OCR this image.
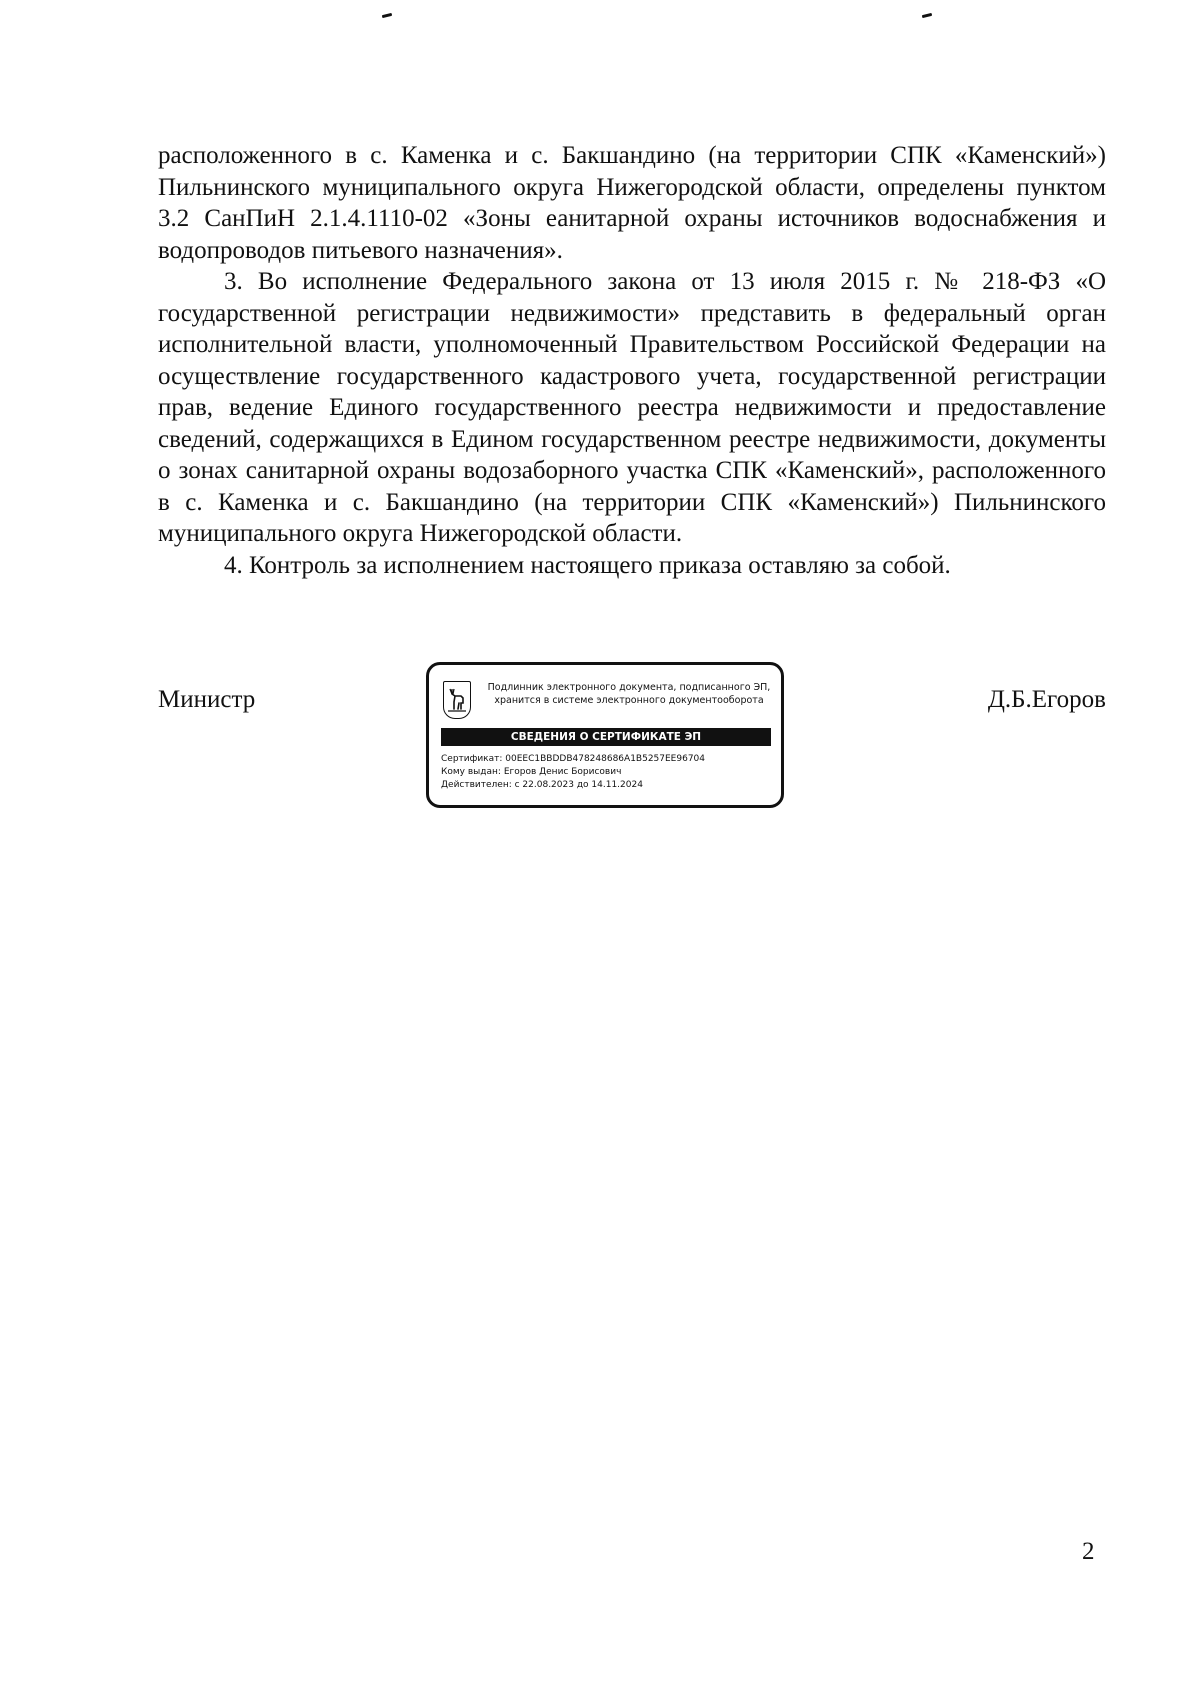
расположенного в с. Каменка и с. Бакшандино (на территории СПК «Каменский») Пильнинского муниципального округа Нижегородской области, определены пунктом 3.2 СанПиН 2.1.4.1110-02 «Зоны еанитарной охраны источников водоснабжения и водопроводов питьевого назначения».

3. Во исполнение Федерального закона от 13 июля 2015 г. № 218-ФЗ «О государственной регистрации недвижимости» представить в федеральный орган исполнительной власти, уполномоченный Правительством Российской Федерации на осуществление государственного кадастрового учета, государственной регистрации прав, ведение Единого государственного реестра недвижимости и предоставление сведений, содержащихся в Едином государственном реестре недвижимости, документы о зонах санитарной охраны водозаборного участка СПК «Каменский», расположенного в с. Каменка и с. Бакшандино (на территории СПК «Каменский») Пильнинского муниципального округа Нижегородской области.

4. Контроль за исполнением настоящего приказа оставляю за собой.

Министр	Подлинник электронного документа, подписанного ЭП,
хранится в системе электронного документооборота
СВЕДЕНИЯ О СЕРТИФИКАТЕ ЭП
Сертификат: 00EEC1BBDDB478248686A1B5257EE96704
Кому выдан: Егоров Денис Борисович
Действителен: с 22.08.2023 до 14.11.2024
Д.Б.Егоров
2
